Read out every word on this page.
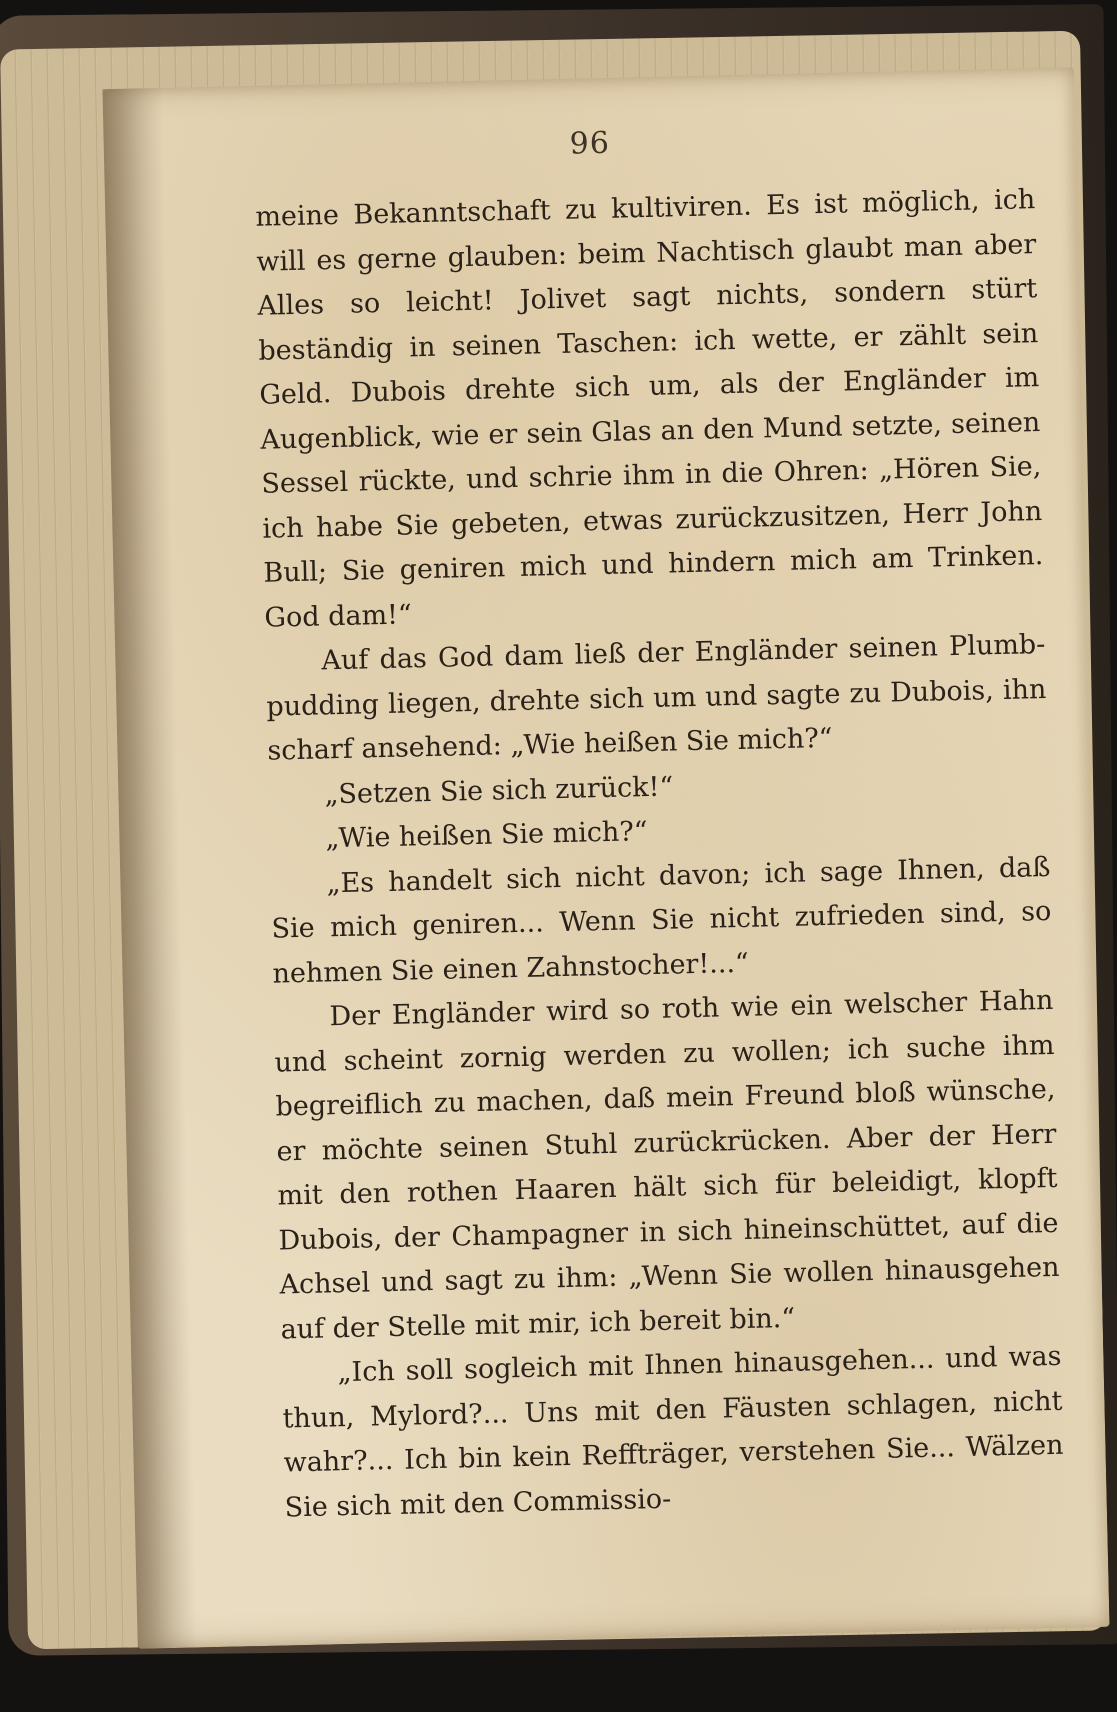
96

meine Bekanntschaft zu kultiviren. Es ist möglich, ich will es gerne glauben: beim Nachtisch glaubt man aber Alles so leicht! Jolivet sagt nichts, sondern stürt beständig in seinen Taschen: ich wette, er zählt sein Geld. Dubois drehte sich um, als der Engländer im Augenblick, wie er sein Glas an den Mund setzte, seinen Sessel rückte, und schrie ihm in die Ohren: „Hören Sie, ich habe Sie gebeten, etwas zurückzusitzen, Herr John Bull; Sie geniren mich und hindern mich am Trinken. God dam!“

Auf das God dam ließ der Engländer seinen Plumb-pudding liegen, drehte sich um und sagte zu Dubois, ihn scharf ansehend: „Wie heißen Sie mich?“

„Setzen Sie sich zurück!“

„Wie heißen Sie mich?“

„Es handelt sich nicht davon; ich sage Ihnen, daß Sie mich geniren... Wenn Sie nicht zufrieden sind, so nehmen Sie einen Zahnstocher!...“

Der Engländer wird so roth wie ein welscher Hahn und scheint zornig werden zu wollen; ich suche ihm begreiflich zu machen, daß mein Freund bloß wünsche, er möchte seinen Stuhl zurückrücken. Aber der Herr mit den rothen Haaren hält sich für beleidigt, klopft Dubois, der Champagner in sich hineinschüttet, auf die Achsel und sagt zu ihm: „Wenn Sie wollen hinausgehen auf der Stelle mit mir, ich bereit bin.“

„Ich soll sogleich mit Ihnen hinausgehen... und was thun, Mylord?... Uns mit den Fäusten schlagen, nicht wahr?... Ich bin kein Reffträger, verstehen Sie... Wälzen Sie sich mit den Commissio-
